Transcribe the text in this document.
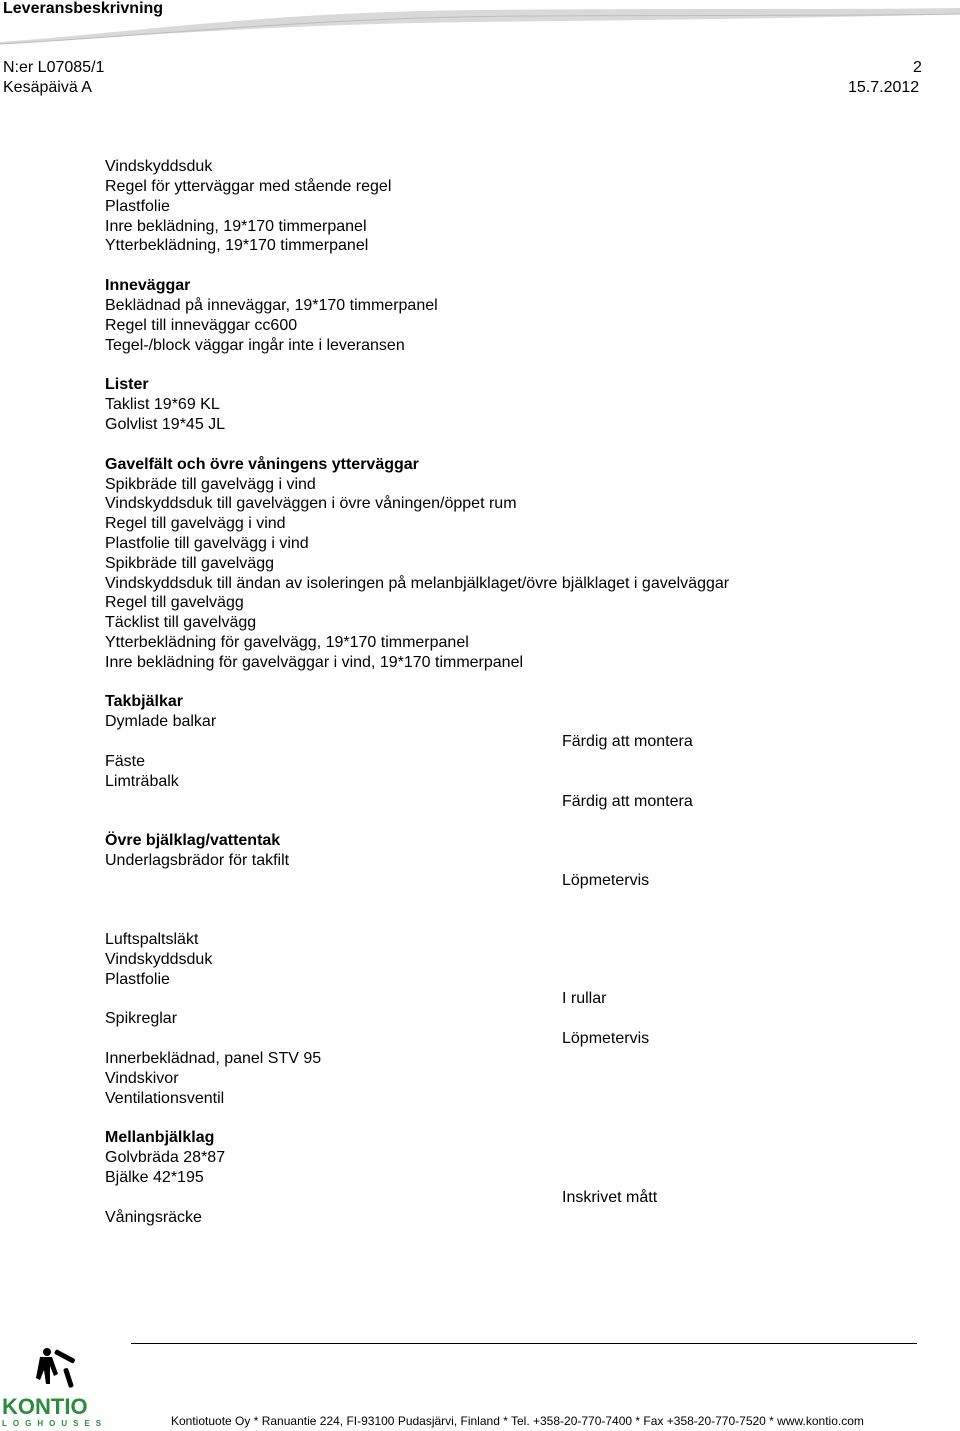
Leveransbeskrivning
N:er L07085/1	2
Kesäpäivä A	15.7.2012
Vindskyddsduk
Regel för ytterväggar med stående regel
Plastfolie
Inre beklädning, 19*170 timmerpanel
Ytterbeklädning, 19*170 timmerpanel
Inneväggar
Beklädnad på inneväggar, 19*170 timmerpanel
Regel till inneväggar cc600
Tegel-/block väggar ingår inte i leveransen
Lister
Taklist 19*69 KL
Golvlist 19*45 JL
Gavelfält och övre våningens ytterväggar
Spikbräde till gavelvägg i vind
Vindskyddsduk till gavelväggen i övre våningen/öppet rum
Regel till gavelvägg i vind
Plastfolie till gavelvägg i vind
Spikbräde till gavelvägg
Vindskyddsduk till ändan av isoleringen på melanbjälklaget/övre bjälklaget i gavelväggar
Regel till gavelvägg
Täcklist till gavelvägg
Ytterbeklädning för gavelvägg, 19*170 timmerpanel
Inre beklädning för gavelväggar i vind, 19*170 timmerpanel
Takbjälkar
Dymlade balkar
Färdig att montera
Fäste
Limträbalk
Färdig att montera
Övre bjälklag/vattentak
Underlagsbrädor för takfilt
Löpmetervis
Luftspaltsläkt
Vindskyddsduk
Plastfolie
I rullar
Spikreglar
Löpmetervis
Innerbeklädnad, panel STV 95
Vindskivor
Ventilationsventil
Mellanbjälklag
Golvbräda 28*87
Bjälke 42*195
Inskrivet mått
Våningsräcke
KONTIO
LOGHOUSES	Kontiotuote Oy * Ranuantie 224, FI-93100 Pudasjärvi, Finland * Tel. +358-20-770-7400 * Fax +358-20-770-7520 * www.kontio.com
